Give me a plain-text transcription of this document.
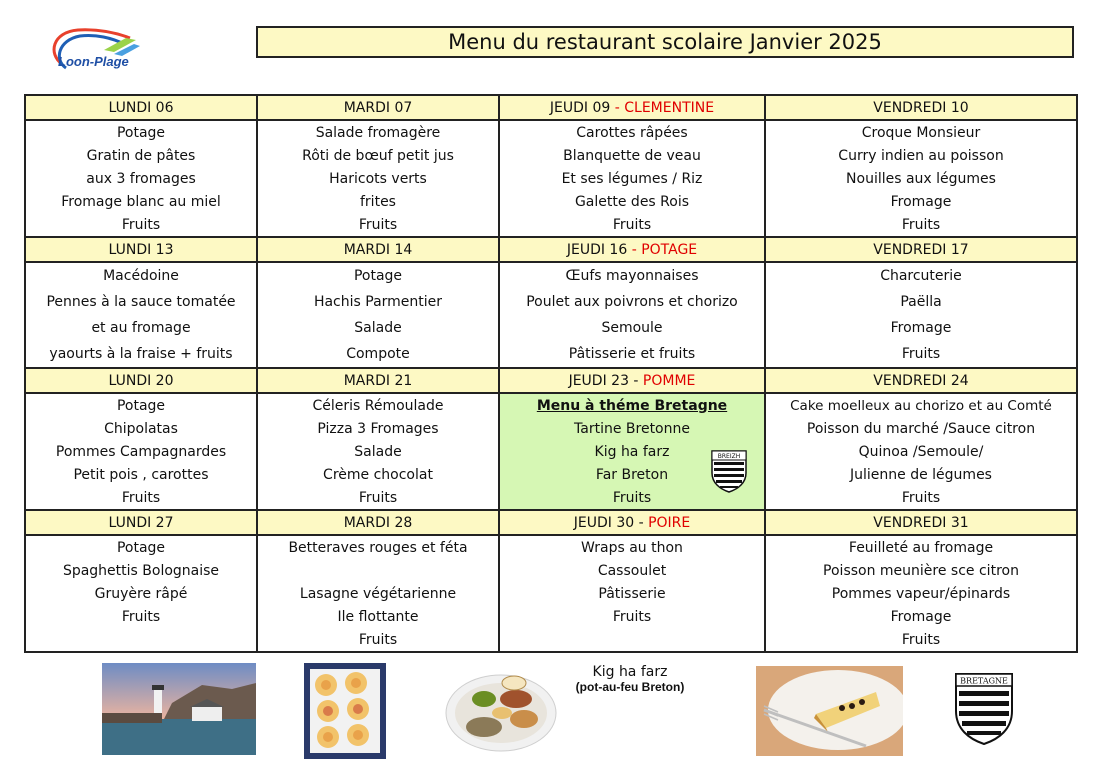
Loon-Plage
Menu du restaurant scolaire Janvier 2025
LUNDI 06	MARDI 07	JEUDI 09 - CLEMENTINE	VENDREDI 10
Potage	Salade fromagère	Carottes râpées	Croque Monsieur
Gratin de pâtes	Rôti de bœuf petit jus	Blanquette de veau	Curry indien au poisson
aux 3 fromages	Haricots verts	Et ses légumes / Riz	Nouilles aux légumes
Fromage blanc au miel	frites	Galette des Rois	Fromage
Fruits	Fruits	Fruits	Fruits
LUNDI 13	MARDI 14	JEUDI 16 - POTAGE	VENDREDI 17
Macédoine	Potage	Œufs mayonnaises	Charcuterie
Pennes à la sauce tomatée	Hachis Parmentier	Poulet aux poivrons et chorizo	Paëlla
et au fromage	Salade	Semoule	Fromage
yaourts à la fraise + fruits	Compote	Pâtisserie et fruits	Fruits
LUNDI 20	MARDI 21	JEUDI 23 - POMME	VENDREDI 24
Potage	Céleris Rémoulade	Menu à théme Bretagne	Cake moelleux au chorizo et au Comté
Chipolatas	Pizza 3 Fromages	Tartine Bretonne	Poisson du marché /Sauce citron
Pommes Campagnardes	Salade	Kig ha farz	Quinoa /Semoule/
Petit pois , carottes	Crème chocolat	Far Breton	Julienne de légumes
Fruits	Fruits	Fruits	Fruits
LUNDI 27	MARDI 28	JEUDI 30 - POIRE	VENDREDI 31
Potage	Betteraves rouges et féta	Wraps au thon	Feuilleté au fromage
Spaghettis Bolognaise		Cassoulet	Poisson meunière sce citron
Gruyère râpé	Lasagne végétarienne	Pâtisserie	Pommes vapeur/épinards
Fruits	Ile flottante	Fruits	Fromage
	Fruits		Fruits
BREIZH
Kig ha farz
(pot-au-feu Breton)	BRETAGNE
